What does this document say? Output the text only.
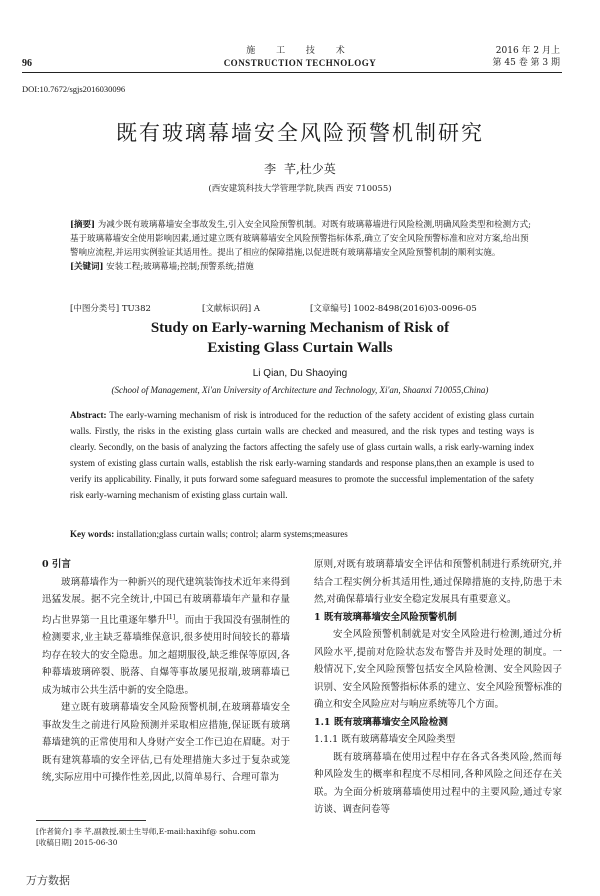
96
施 工 技 术
CONSTRUCTION TECHNOLOGY
2016 年 2 月上
第 45 卷 第 3 期
DOI:10.7672/sgjs2016030096
既有玻璃幕墙安全风险预警机制研究
李 芊,杜少英
(西安建筑科技大学管理学院,陕西 西安 710055)
[摘要] 为减少既有玻璃幕墙安全事故发生,引入安全风险预警机制。对既有玻璃幕墙进行风险检测,明确风险类型和检测方式;基于玻璃幕墙安全使用影响因素,通过建立既有玻璃幕墙安全风险预警指标体系,确立了安全风险预警标准和应对方案,给出预警响应流程,并运用实例验证其适用性。提出了相应的保障措施,以促进既有玻璃幕墙安全风险预警机制的顺利实施。
[关键词] 安装工程;玻璃幕墙;控制;预警系统;措施
[中图分类号] TU382	[文献标识码] A	[文章编号] 1002-8498(2016)03-0096-05
Study on Early-warning Mechanism of Risk of
Existing Glass Curtain Walls
Li Qian, Du Shaoying
(School of Management, Xi'an University of Architecture and Technology, Xi'an, Shaanxi 710055,China)
Abstract: The early-warning mechanism of risk is introduced for the reduction of the safety accident of existing glass curtain walls. Firstly, the risks in the existing glass curtain walls are checked and measured, and the risk types and testing ways is clearly. Secondly, on the basis of analyzing the factors affecting the safely use of glass curtain walls, a risk early-warning index system of existing glass curtain walls, establish the risk early-warning standards and response plans,then an example is used to verify its applicability. Finally, it puts forward some safeguard measures to promote the successful implementation of the safety risk early-warning mechanism of existing glass curtain wall.
Key words: installation;glass curtain walls; control; alarm systems;measures
0 引言

玻璃幕墙作为一种新兴的现代建筑装饰技术近年来得到迅猛发展。据不完全统计,中国已有玻璃幕墙年产量和存量均占世界第一且比重逐年攀升[1]。而由于我国没有强制性的检测要求,业主缺乏幕墙维保意识,很多使用时间较长的幕墙均存在较大的安全隐患。加之超期服役,缺乏维保等原因,各种幕墙玻璃碎裂、脱落、自爆等事故屡见报端,玻璃幕墙已成为城市公共生活中新的安全隐患。

建立既有玻璃幕墙安全风险预警机制,在玻璃幕墙安全事故发生之前进行风险预测并采取相应措施,保证既有玻璃幕墙建筑的正常使用和人身财产安全工作已迫在眉睫。对于既有建筑幕墙的安全评估,已有处理措施大多过于复杂或笼统,实际应用中可操作性差,因此,以简单易行、合理可靠为

原则,对既有玻璃幕墙安全评估和预警机制进行系统研究,并结合工程实例分析其适用性,通过保障措施的支持,防患于未然,对确保幕墙行业安全稳定发展具有重要意义。

1 既有玻璃幕墙安全风险预警机制

安全风险预警机制就是对安全风险进行检测,通过分析风险水平,提前对危险状态发布警告并及时处理的制度。一般情况下,安全风险预警包括安全风险检测、安全风险因子识别、安全风险预警指标体系的建立、安全风险预警标准的确立和安全风险应对与响应系统等几个方面。

1.1 既有玻璃幕墙安全风险检测
1.1.1 既有玻璃幕墙安全风险类型

既有玻璃幕墙在使用过程中存在各式各类风险,然而每种风险发生的概率和程度不尽相同,各种风险之间还存在关联。为全面分析玻璃幕墙使用过程中的主要风险,通过专家访谈、调查问卷等

[作者简介] 李 芊,副教授,硕士生导师,E-mail:haxihf@ sohu.com
[收稿日期] 2015-06-30
万方数据
